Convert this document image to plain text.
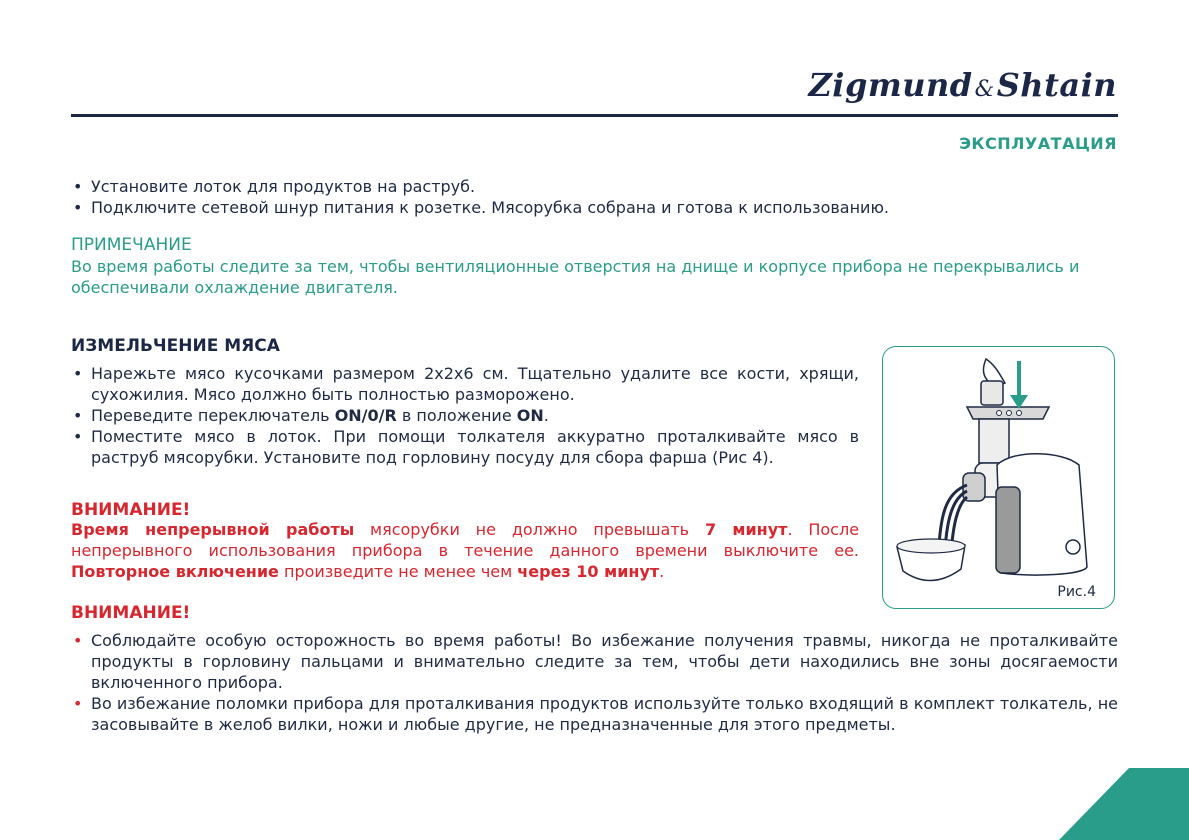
Zigmund&Shtain
ЭКСПЛУАТАЦИЯ
• Установите лоток для продуктов на раструб.
• Подключите сетевой шнур питания к розетке. Мясорубка собрана и готова к использованию.
ПРИМЕЧАНИЕ
Во время работы следите за тем, чтобы вентиляционные отверстия на днище и корпусе прибора не перекрывались и обеспечивали охлаждение двигателя.
ИЗМЕЛЬЧЕНИЕ МЯСА
• Нарежьте мясо кусочками размером 2х2х6 см. Тщательно удалите все кости, хрящи, сухожилия. Мясо должно быть полностью разморожено.
• Переведите переключатель ON/0/R в положение ON.
• Поместите мясо в лоток. При помощи толкателя аккуратно проталкивайте мясо в раструб мясорубки. Установите под горловину посуду для сбора фарша (Рис 4).
ВНИМАНИЕ!
Время непрерывной работы мясорубки не должно превышать 7 минут. После непрерывного использования прибора в течение данного времени выключите ее. Повторное включение произведите не менее чем через 10 минут.
ВНИМАНИЕ!
• Соблюдайте особую осторожность во время работы! Во избежание получения травмы, никогда не проталкивайте продукты в горловину пальцами и внимательно следите за тем, чтобы дети находились вне зоны досягаемости включенного прибора.
• Во избежание поломки прибора для проталкивания продуктов используйте только входящий в комплект толкатель, не засовывайте в желоб вилки, ножи и любые другие, не предназначенные для этого предметы.
Рис.4
